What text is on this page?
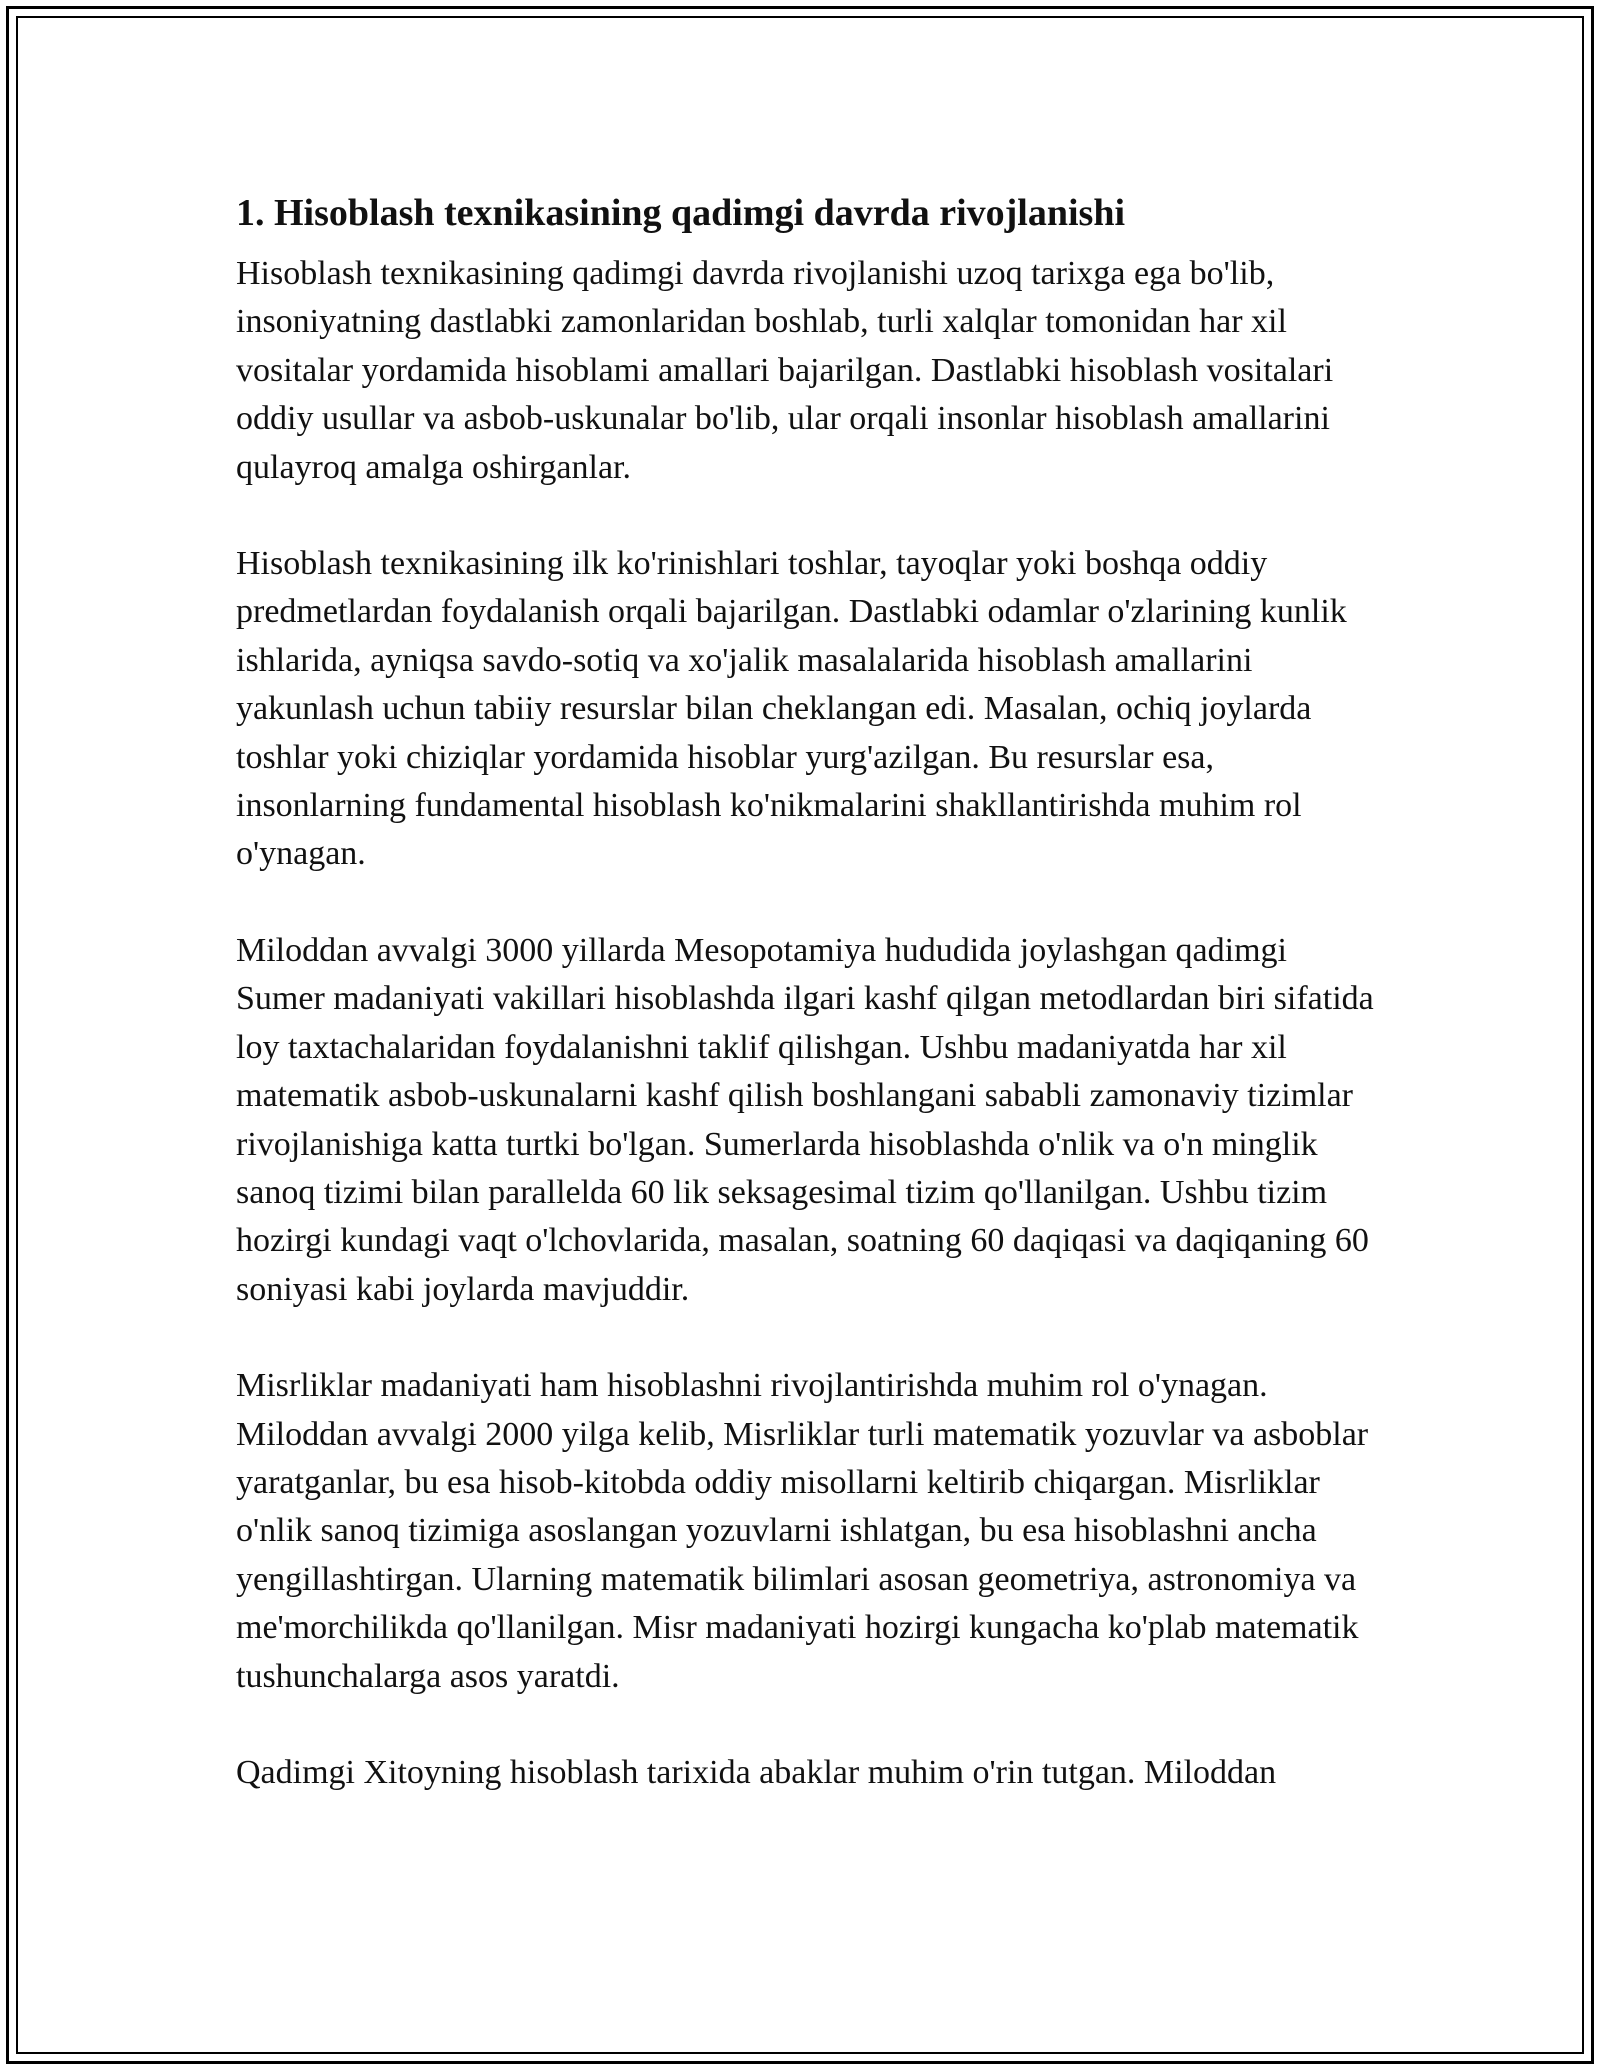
1. Hisoblash texnikasining qadimgi davrda rivojlanishi

Hisoblash texnikasining qadimgi davrda rivojlanishi uzoq tarixga ega bo'lib, insoniyatning dastlabki zamonlaridan boshlab, turli xalqlar tomonidan har xil vositalar yordamida hisoblami amallari bajarilgan. Dastlabki hisoblash vositalari oddiy usullar va asbob-uskunalar bo'lib, ular orqali insonlar hisoblash amallarini qulayroq amalga oshirganlar.

Hisoblash texnikasining ilk ko'rinishlari toshlar, tayoqlar yoki boshqa oddiy predmetlardan foydalanish orqali bajarilgan. Dastlabki odamlar o'zlarining kunlik ishlarida, ayniqsa savdo-sotiq va xo'jalik masalalarida hisoblash amallarini yakunlash uchun tabiiy resurslar bilan cheklangan edi. Masalan, ochiq joylarda toshlar yoki chiziqlar yordamida hisoblar yurg'azilgan. Bu resurslar esa, insonlarning fundamental hisoblash ko'nikmalarini shakllantirishda muhim rol o'ynagan.

Miloddan avvalgi 3000 yillarda Mesopotamiya hududida joylashgan qadimgi Sumer madaniyati vakillari hisoblashda ilgari kashf qilgan metodlardan biri sifatida loy taxtachalaridan foydalanishni taklif qilishgan. Ushbu madaniyatda har xil matematik asbob-uskunalarni kashf qilish boshlangani sababli zamonaviy tizimlar rivojlanishiga katta turtki bo'lgan. Sumerlarda hisoblashda o'nlik va o'n minglik sanoq tizimi bilan parallelda 60 lik seksagesimal tizim qo'llanilgan. Ushbu tizim hozirgi kundagi vaqt o'lchovlarida, masalan, soatning 60 daqiqasi va daqiqaning 60 soniyasi kabi joylarda mavjuddir.

Misrliklar madaniyati ham hisoblashni rivojlantirishda muhim rol o'ynagan. Miloddan avvalgi 2000 yilga kelib, Misrliklar turli matematik yozuvlar va asboblar yaratganlar, bu esa hisob-kitobda oddiy misollarni keltirib chiqargan. Misrliklar o'nlik sanoq tizimiga asoslangan yozuvlarni ishlatgan, bu esa hisoblashni ancha yengillashtirgan. Ularning matematik bilimlari asosan geometriya, astronomiya va me'morchilikda qo'llanilgan. Misr madaniyati hozirgi kungacha ko'plab matematik tushunchalarga asos yaratdi.

Qadimgi Xitoyning hisoblash tarixida abaklar muhim o'rin tutgan. Miloddan
